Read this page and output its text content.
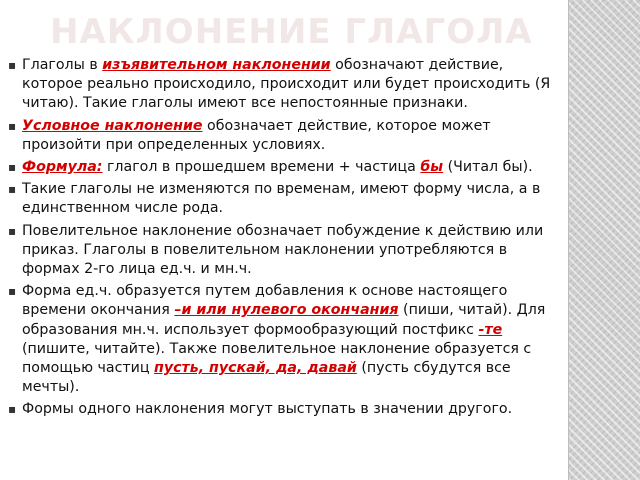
НАКЛОНЕНИЕ ГЛАГОЛА
▪ Глаголы в изъявительном наклонении обозначают действие, которое реально происходило, происходит или будет происходить (Я читаю). Такие глаголы имеют все непостоянные признаки.
▪ Условное наклонение обозначает действие, которое может произойти при определенных условиях.
▪ Формула: глагол в прошедшем времени + частица бы (Читал бы).
▪ Такие глаголы не изменяются по временам, имеют форму числа, а в единственном числе рода.
▪ Повелительное наклонение обозначает побуждение к действию или приказ. Глаголы в повелительном наклонении употребляются в формах 2-го лица ед.ч. и мн.ч.
▪ Форма ед.ч. образуется путем добавления к основе настоящего времени окончания –и или нулевого окончания (пиши, читай). Для образования мн.ч. использует формообразующий постфикс -те (пишите, читайте). Также повелительное наклонение образуется с помощью частиц пусть, пускай, да, давай (пусть сбудутся все мечты).
▪ Формы одного наклонения могут выступать в значении другого.
